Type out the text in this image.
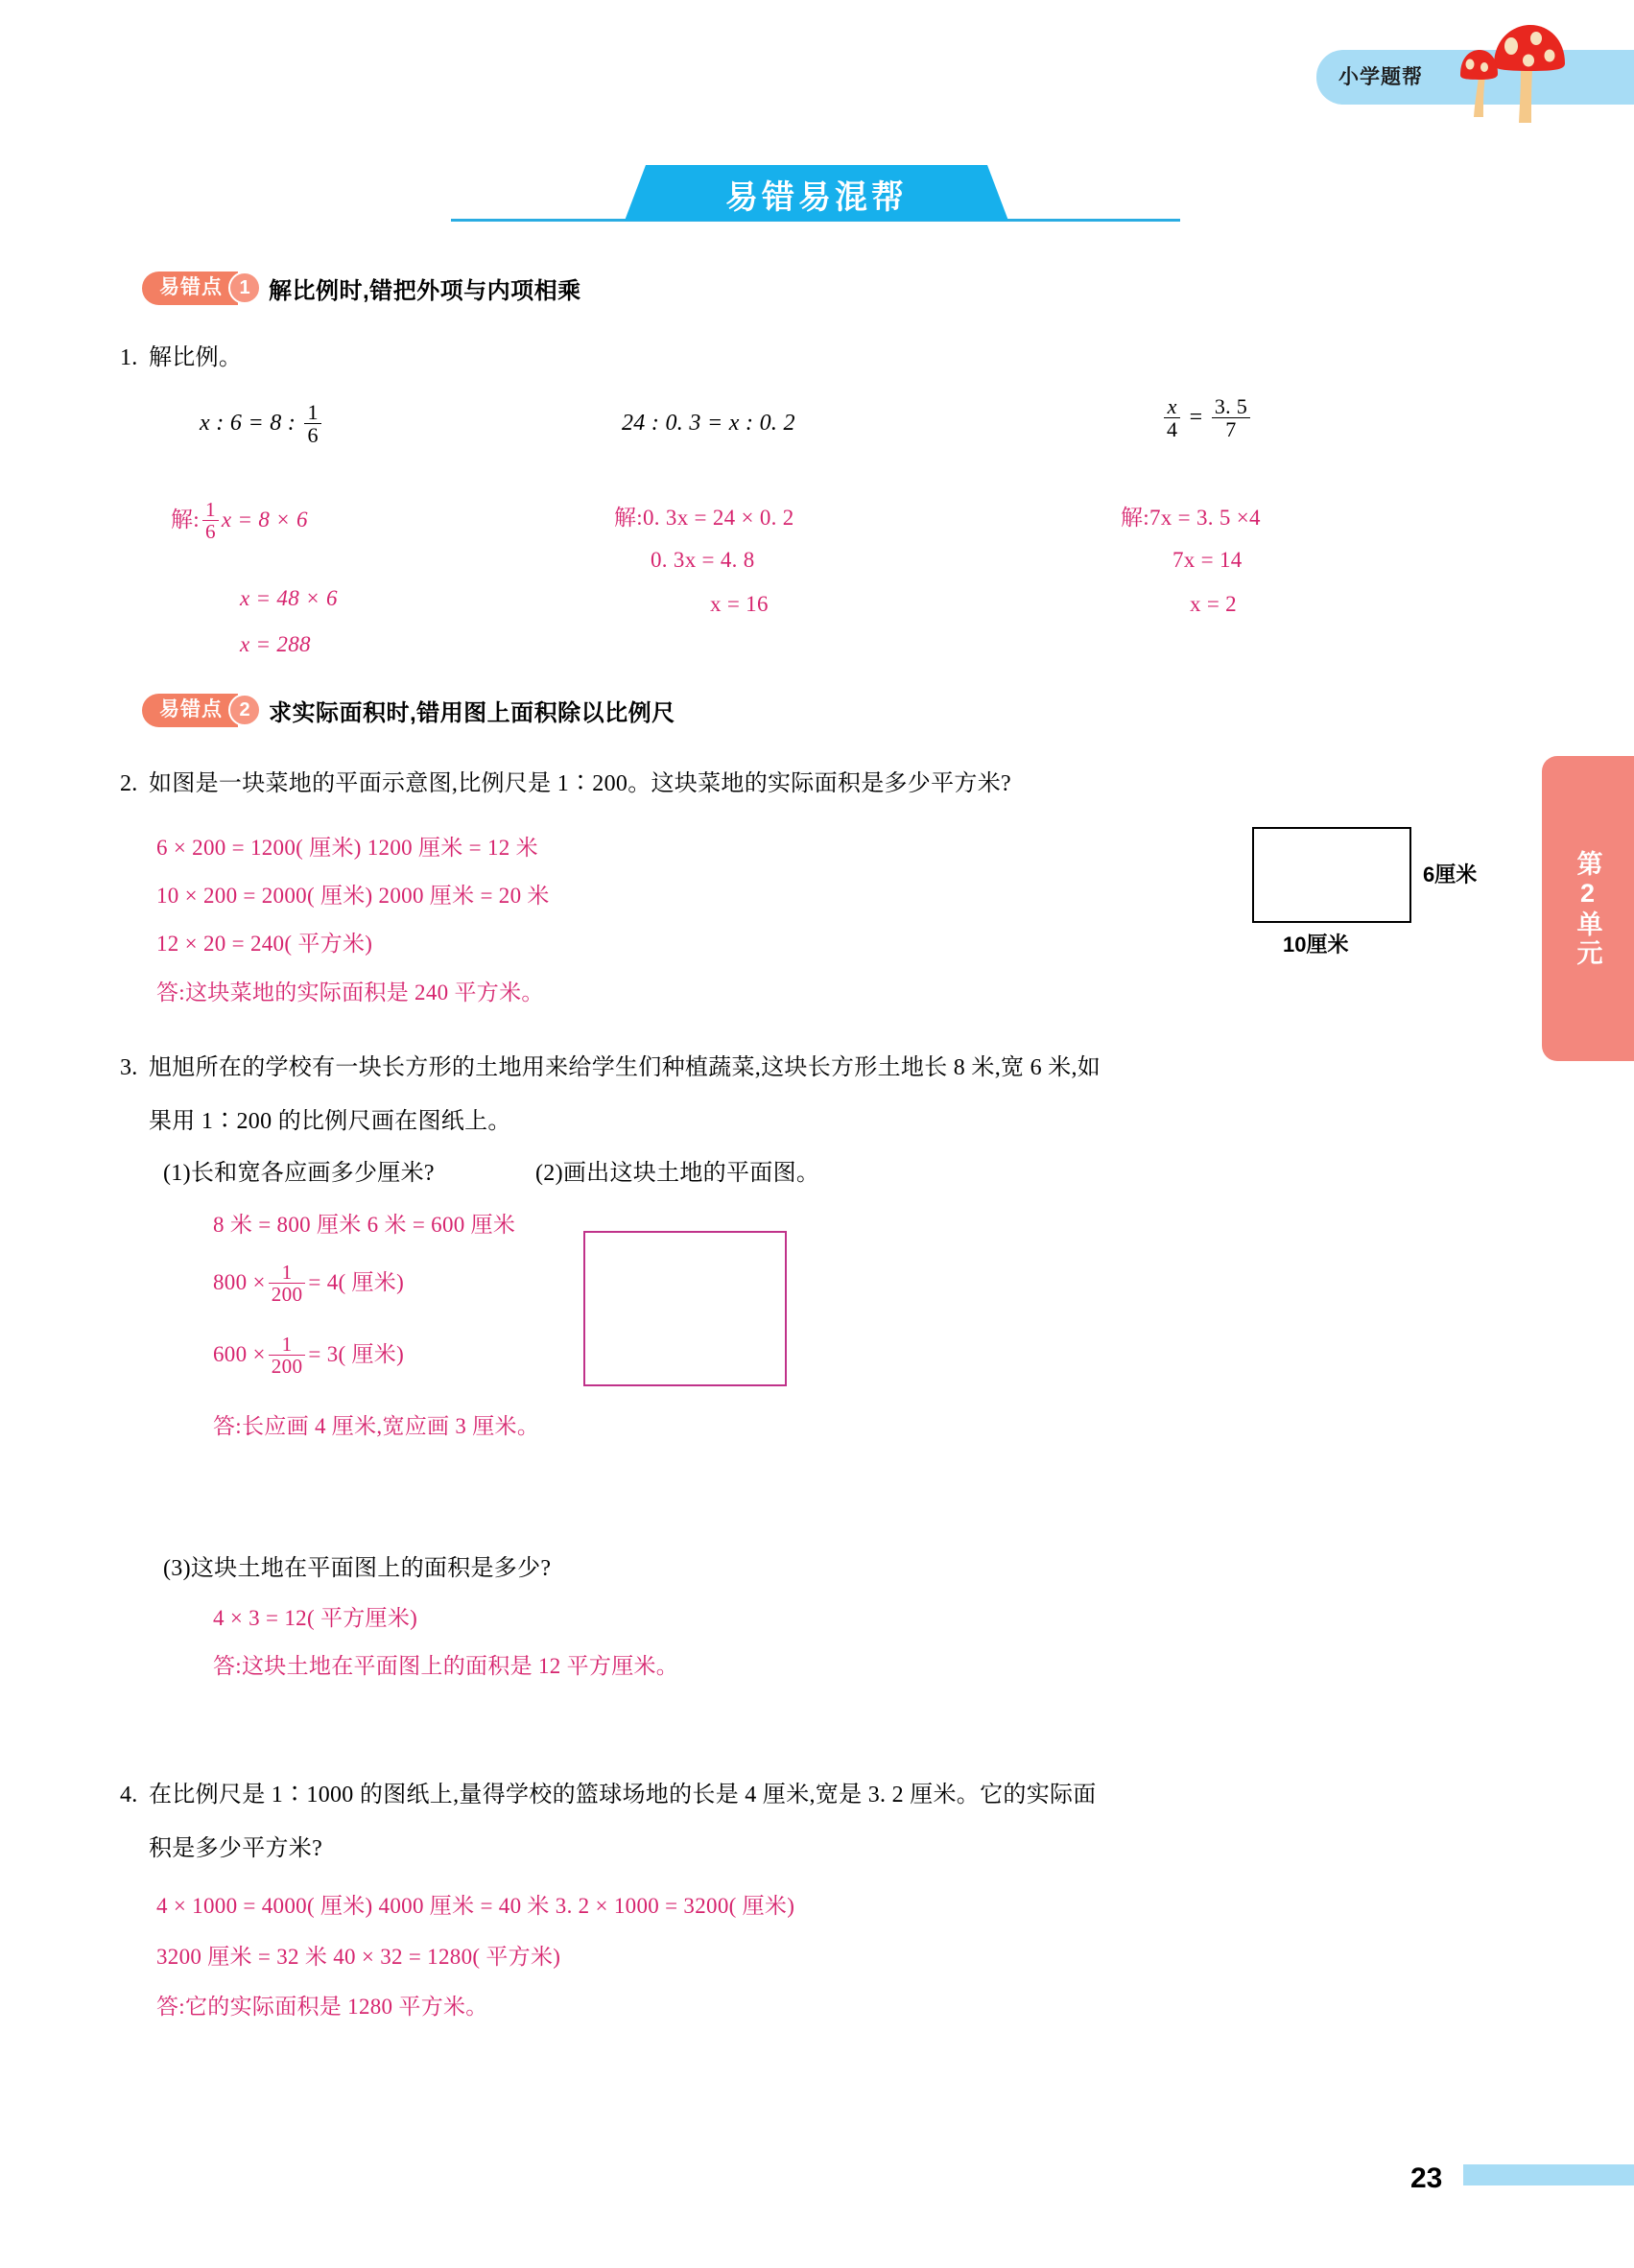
小学题帮
易错易混帮
第2单元
易错点 1 解比例时,错把外项与内项相乘
1. 解比例。
x : 6 = 8 : $\frac{1}{6}$
解: $\frac{1}{6}$ x = 8 × 6
x = 48 × 6
x = 288
24 : 0. 3 = x : 0. 2
解:0. 3x = 24 × 0. 2
0. 3x = 4. 8
x = 16
$\frac{x}{4} = \frac{3. 5}{7}$
解:7x = 3. 5 ×4
7x = 14
x = 2
易错点 2 求实际面积时,错用图上面积除以比例尺
2. 如图是一块菜地的平面示意图,比例尺是 1∶200。这块菜地的实际面积是多少平方米?
6 × 200 = 1200( 厘米) 1200 厘米 = 12 米
10 × 200 = 2000( 厘米) 2000 厘米 = 20 米
12 × 20 = 240( 平方米)
答:这块菜地的实际面积是 240 平方米。
6厘米
10厘米
3. 旭旭所在的学校有一块长方形的土地用来给学生们种植蔬菜,这块长方形土地长 8 米,宽 6 米,如
果用 1∶200 的比例尺画在图纸上。
(1)长和宽各应画多少厘米?
8 米 = 800 厘米 6 米 = 600 厘米
$800 \times \frac{1}{200} = 4$( 厘米)
$600 \times \frac{1}{200} = 3$( 厘米)
答:长应画 4 厘米,宽应画 3 厘米。
(2)画出这块土地的平面图。
(3)这块土地在平面图上的面积是多少?
4 × 3 = 12( 平方厘米)
答:这块土地在平面图上的面积是 12 平方厘米。
4. 在比例尺是 1∶1000 的图纸上,量得学校的篮球场地的长是 4 厘米,宽是 3. 2 厘米。它的实际面
积是多少平方米?
4 × 1000 = 4000( 厘米) 4000 厘米 = 40 米 3. 2 × 1000 = 3200( 厘米)
3200 厘米 = 32 米 40 × 32 = 1280( 平方米)
答:它的实际面积是 1280 平方米。
23
